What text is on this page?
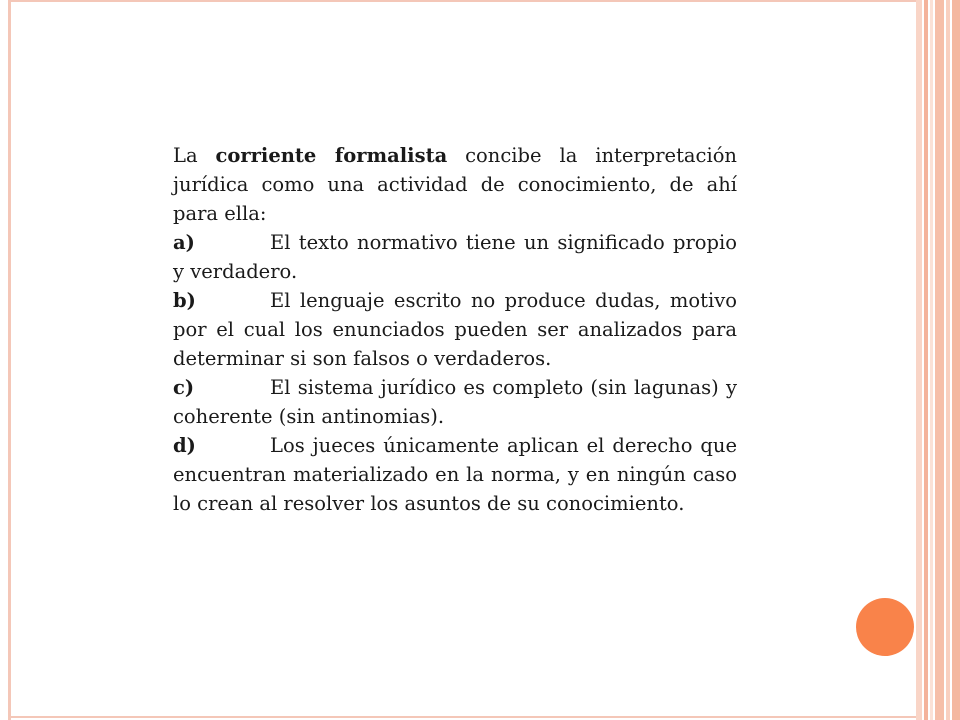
La corriente formalista concibe la interpretación jurídica como una actividad de conocimiento, de ahí para ella:

a)	El texto normativo tiene un significado propio y verdadero.

b)	El lenguaje escrito no produce dudas, motivo por el cual los enunciados pueden ser analizados para determinar si son falsos o verdaderos.

c)	El sistema jurídico es completo (sin lagunas) y coherente (sin antinomias).

d)	Los jueces únicamente aplican el derecho que encuentran materializado en la norma, y en ningún caso lo crean al resolver los asuntos de su conocimiento.
